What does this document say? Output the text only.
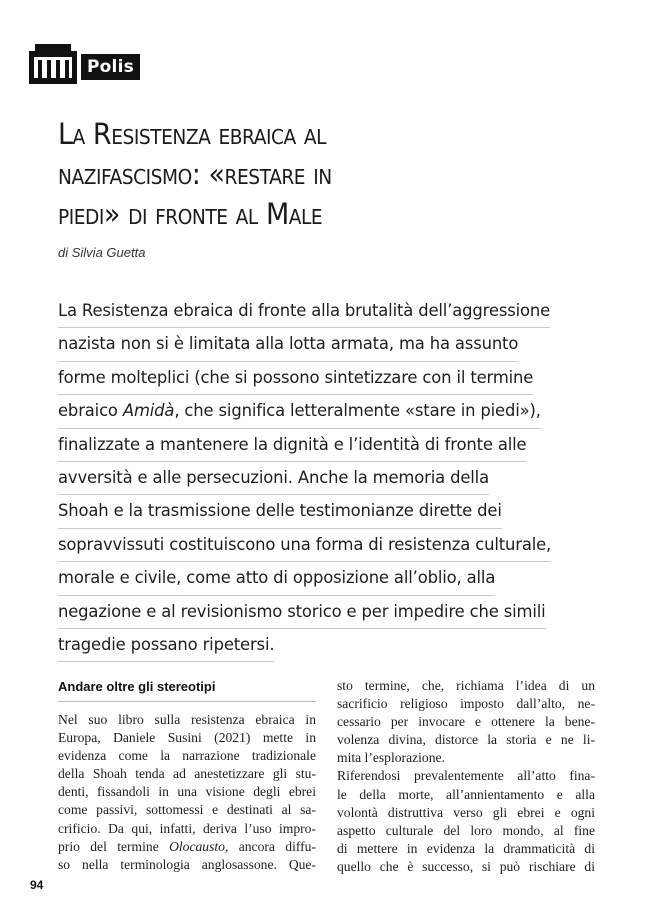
Polis
La Resistenza ebraica al
nazifascismo: «restare in
piedi» di fronte al Male
di Silvia Guetta
La Resistenza ebraica di fronte alla brutalità dell’aggressione
nazista non si è limitata alla lotta armata, ma ha assunto
forme molteplici (che si possono sintetizzare con il termine
ebraico Amidà, che significa letteralmente «stare in piedi»),
finalizzate a mantenere la dignità e l’identità di fronte alle
avversità e alle persecuzioni. Anche la memoria della
Shoah e la trasmissione delle testimonianze dirette dei
sopravvissuti costituiscono una forma di resistenza culturale,
morale e civile, come atto di opposizione all’oblio, alla
negazione e al revisionismo storico e per impedire che simili
tragedie possano ripetersi.
Andare oltre gli stereotipi
Nel suo libro sulla resistenza ebraica in
Europa, Daniele Susini (2021) mette in
evidenza come la narrazione tradizionale
della Shoah tenda ad anestetizzare gli stu-
denti, fissandoli in una visione degli ebrei
come passivi, sottomessi e destinati al sa-
crificio. Da qui, infatti, deriva l’uso impro-
prio del termine Olocausto, ancora diffu-
so nella terminologia anglosassone. Que-
sto termine, che, richiama l’idea di un
sacrificio religioso imposto dall’alto, ne-
cessario per invocare e ottenere la bene-
volenza divina, distorce la storia e ne li-
mita l’esplorazione.
Riferendosi prevalentemente all’atto fina-
le della morte, all’annientamento e alla
volontà distruttiva verso gli ebrei e ogni
aspetto culturale del loro mondo, al fine
di mettere in evidenza la drammaticità di
quello che è successo, si può rischiare di
94
